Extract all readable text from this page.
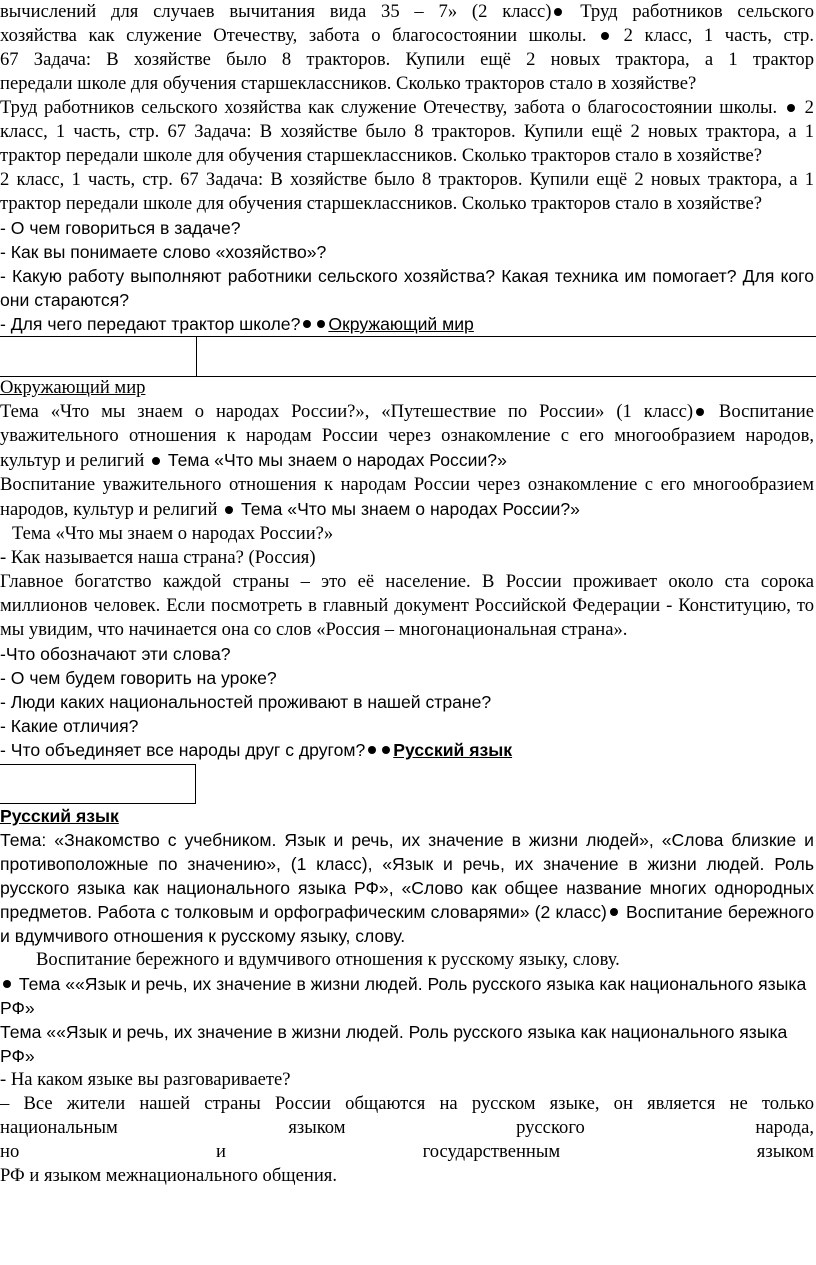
вычислений для случаев вычитания вида 35 – 7» (2 класс) Труд работников сельского

хозяйства как служение Отечеству, забота о благосостоянии школы.  2 класс, 1 часть, стр.

67 Задача: В хозяйстве было 8 тракторов. Купили ещё 2 новых трактора, а 1 трактор

передали школе для обучения старшеклассников. Сколько тракторов стало в хозяйстве?

Труд работников сельского хозяйства как служение Отечеству, забота о благосостоянии школы.  2 класс, 1 часть, стр. 67 Задача: В хозяйстве было 8 тракторов. Купили ещё 2 новых трактора, а 1 трактор передали школе для обучения старшеклассников. Сколько тракторов стало в хозяйстве?

2 класс, 1 часть, стр. 67 Задача: В хозяйстве было 8 тракторов. Купили ещё 2 новых трактора, а 1 трактор передали школе для обучения старшеклассников. Сколько тракторов стало в хозяйстве?

- О чем говориться в задаче?

- Как вы понимаете слово «хозяйство»?

- Какую работу выполняют работники сельского хозяйства? Какая техника им помогает? Для кого они стараются?

- Для чего передают трактор школе? Окружающий мир

Окружающий мир

Тема «Что мы знаем о народах России?», «Путешествие по России» (1 класс) Воспитание уважительного отношения к народам России через ознакомление с его многообразием народов, культур и религий  Тема «Что мы знаем о народах России?»

Воспитание уважительного отношения к народам России через ознакомление с его многообразием народов, культур и религий  Тема «Что мы знаем о народах России?»

Тема «Что мы знаем о народах России?»

- Как называется наша страна? (Россия)

Главное богатство каждой страны – это её население. В России проживает около ста сорока миллионов человек. Если посмотреть в главный документ Российской Федерации - Конституцию, то мы увидим, что начинается она со слов «Россия – многонациональная страна».

-Что обозначают эти слова?

- О чем будем говорить на уроке?

- Люди каких национальностей проживают в нашей стране?

- Какие отличия?

- Что объединяет все народы друг с другом? Русский язык

Русский язык

Тема: «Знакомство с учебником. Язык и речь, их значение в жизни людей», «Слова близкие и противоположные по значению», (1 класс), «Язык и речь, их значение в жизни людей. Роль русского языка как национального языка РФ», «Слово как общее название многих однородных предметов. Работа с толковым и орфографическим словарями» (2 класс) Воспитание бережного и вдумчивого отношения к русскому языку, слову.

Воспитание бережного и вдумчивого отношения к русскому языку, слову.

Тема ««Язык и речь, их значение в жизни людей. Роль русского языка как национального языка РФ»

Тема ««Язык и речь, их значение в жизни людей. Роль русского языка как национального языка РФ»

- На каком языке вы разговариваете?

– Все жители нашей страны России общаются на русском языке, он является не только

национальным языком русского народа,

но и государственным языком

РФ и языком межнационального общения.
